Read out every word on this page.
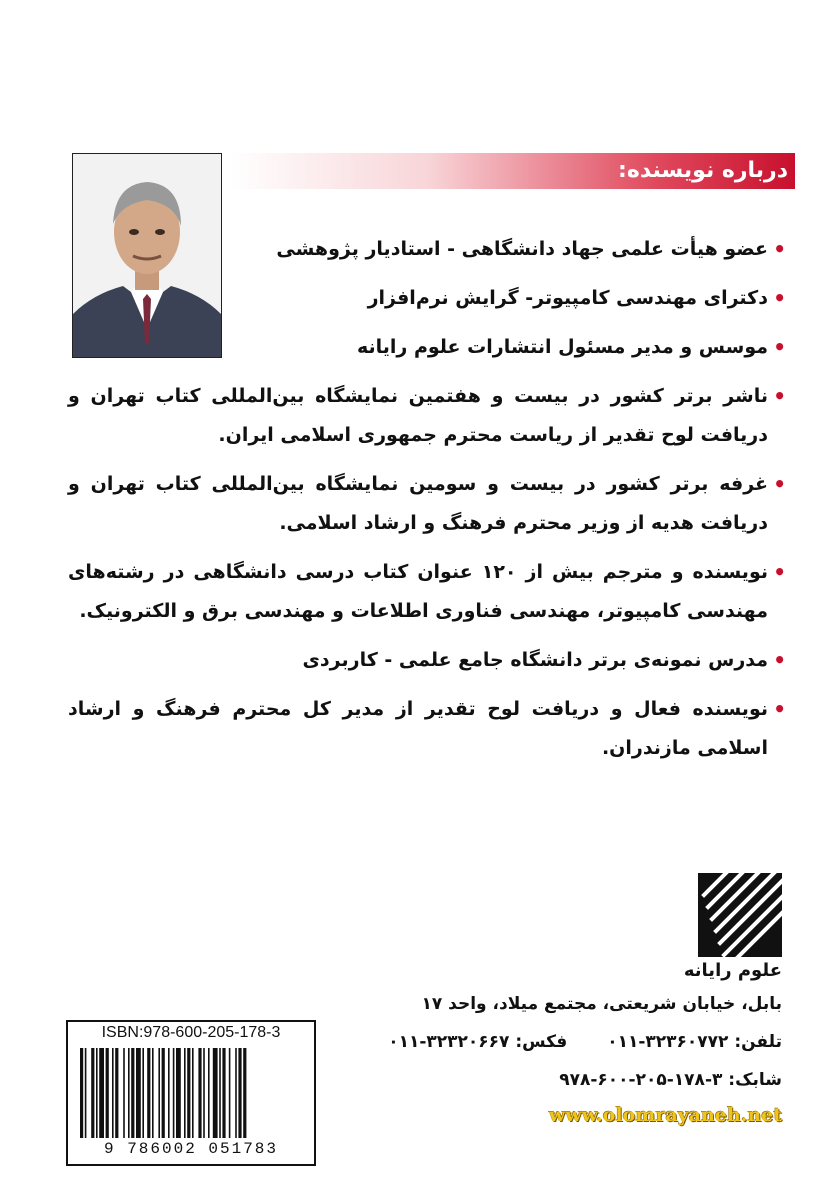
درباره نویسنده:
•
عضو هیأت علمی جهاد دانشگاهی - استادیار پژوهشی
•
دکترای مهندسی کامپیوتر- گرایش نرم‌افزار
•
موسس و مدیر مسئول انتشارات علوم رایانه
•
ناشر برتر کشور در بیست و هفتمین نمایشگاه بین‌المللی کتاب تهران و دریافت لوح تقدیر از ریاست محترم جمهوری اسلامی ایران.
•
غرفه برتر کشور در بیست و سومین نمایشگاه بین‌المللی کتاب تهران و دریافت هدیه از وزیر محترم فرهنگ و ارشاد اسلامی.
•
نویسنده و مترجم بیش از ۱۲۰ عنوان کتاب درسی دانشگاهی در رشته‌های مهندسی کامپیوتر، مهندسی فناوری اطلاعات و مهندسی برق و الکترونیک.
•
مدرس نمونه‌ی برتر دانشگاه جامع علمی - کاربردی
•
نویسنده فعال و دریافت لوح تقدیر از مدیر کل محترم فرهنگ و ارشاد اسلامی مازندران.
علوم رایانه
بابل، خیابان شریعتی، مجتمع میلاد، واحد ۱۷
تلفن: ۳۲۳۶۰۷۷۲-۰۱۱فکس: ۳۲۳۲۰۶۶۷-۰۱۱
شابک: ۳-۱۷۸-۲۰۵-۶۰۰-۹۷۸
www.olomrayaneh.net
ISBN:978-600-205-178-3
9 786002 051783
